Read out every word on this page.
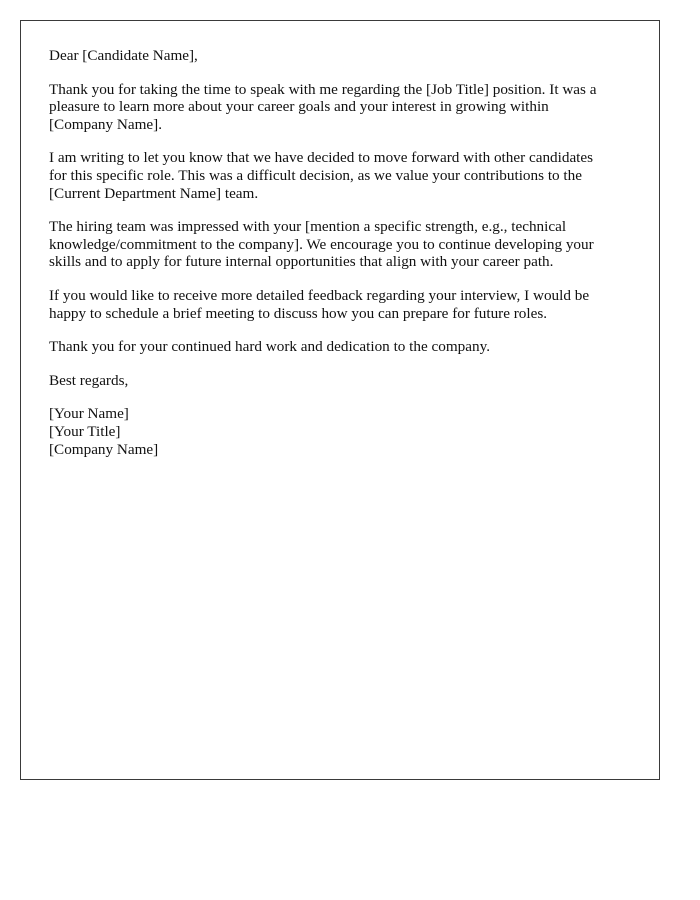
Dear [Candidate Name],

Thank you for taking the time to speak with me regarding the [Job Title] position. It was a
pleasure to learn more about your career goals and your interest in growing within
[Company Name].

I am writing to let you know that we have decided to move forward with other candidates
for this specific role. This was a difficult decision, as we value your contributions to the
[Current Department Name] team.

The hiring team was impressed with your [mention a specific strength, e.g., technical
knowledge/commitment to the company]. We encourage you to continue developing your
skills and to apply for future internal opportunities that align with your career path.

If you would like to receive more detailed feedback regarding your interview, I would be
happy to schedule a brief meeting to discuss how you can prepare for future roles.

Thank you for your continued hard work and dedication to the company.

Best regards,

[Your Name]

[Your Title]

[Company Name]
